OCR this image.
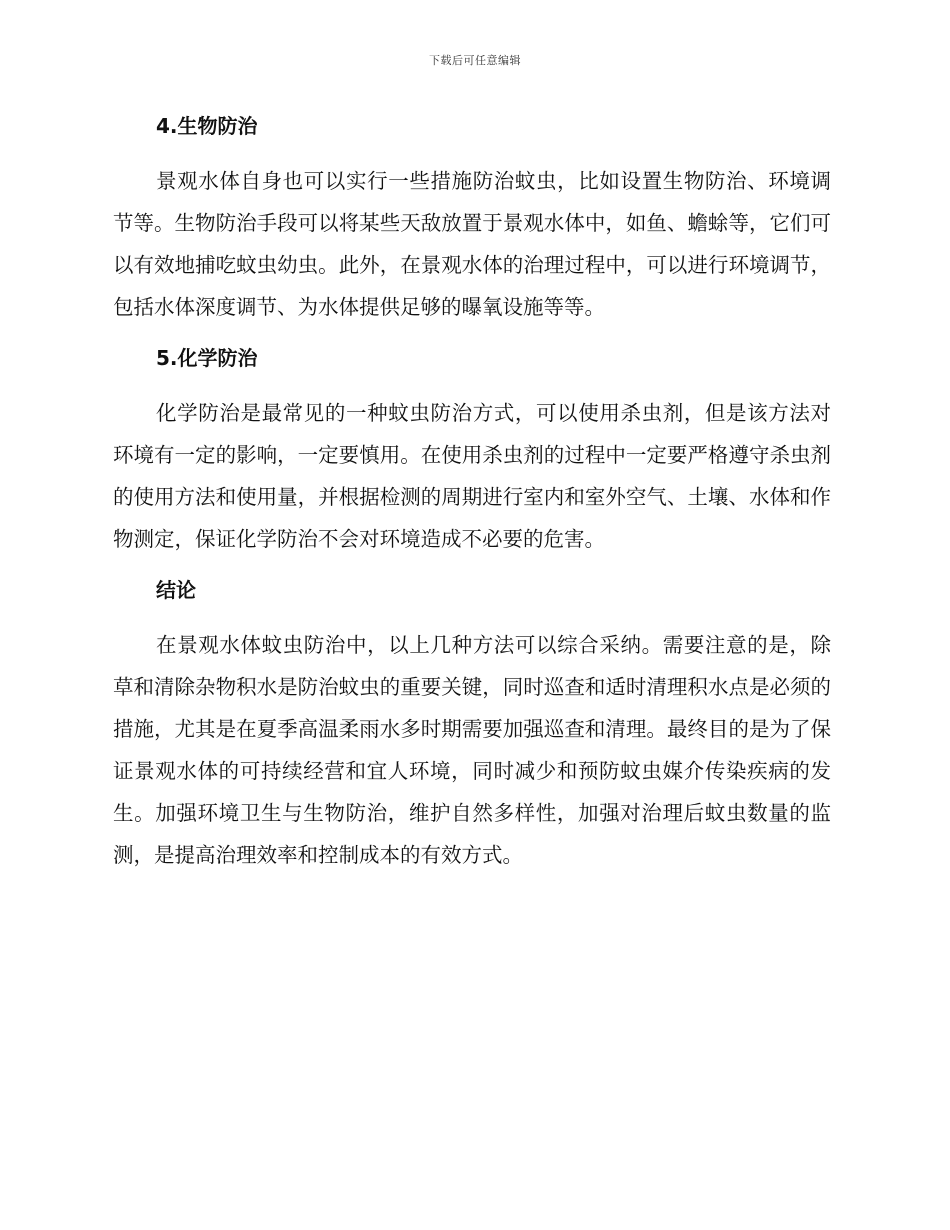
下载后可任意编辑
4.生物防治

景观水体自身也可以实行一些措施防治蚊虫，比如设置生物防治、环境调节等。生物防治手段可以将某些天敌放置于景观水体中，如鱼、蟾蜍等，它们可以有效地捕吃蚊虫幼虫。此外，在景观水体的治理过程中，可以进行环境调节，包括水体深度调节、为水体提供足够的曝氧设施等等。

5.化学防治

化学防治是最常见的一种蚊虫防治方式，可以使用杀虫剂，但是该方法对环境有一定的影响，一定要慎用。在使用杀虫剂的过程中一定要严格遵守杀虫剂的使用方法和使用量，并根据检测的周期进行室内和室外空气、土壤、水体和作物测定，保证化学防治不会对环境造成不必要的危害。

结论

在景观水体蚊虫防治中，以上几种方法可以综合采纳。需要注意的是，除草和清除杂物积水是防治蚊虫的重要关键，同时巡查和适时清理积水点是必须的措施，尤其是在夏季高温柔雨水多时期需要加强巡查和清理。最终目的是为了保证景观水体的可持续经营和宜人环境，同时减少和预防蚊虫媒介传染疾病的发生。加强环境卫生与生物防治，维护自然多样性，加强对治理后蚊虫数量的监测，是提高治理效率和控制成本的有效方式。
